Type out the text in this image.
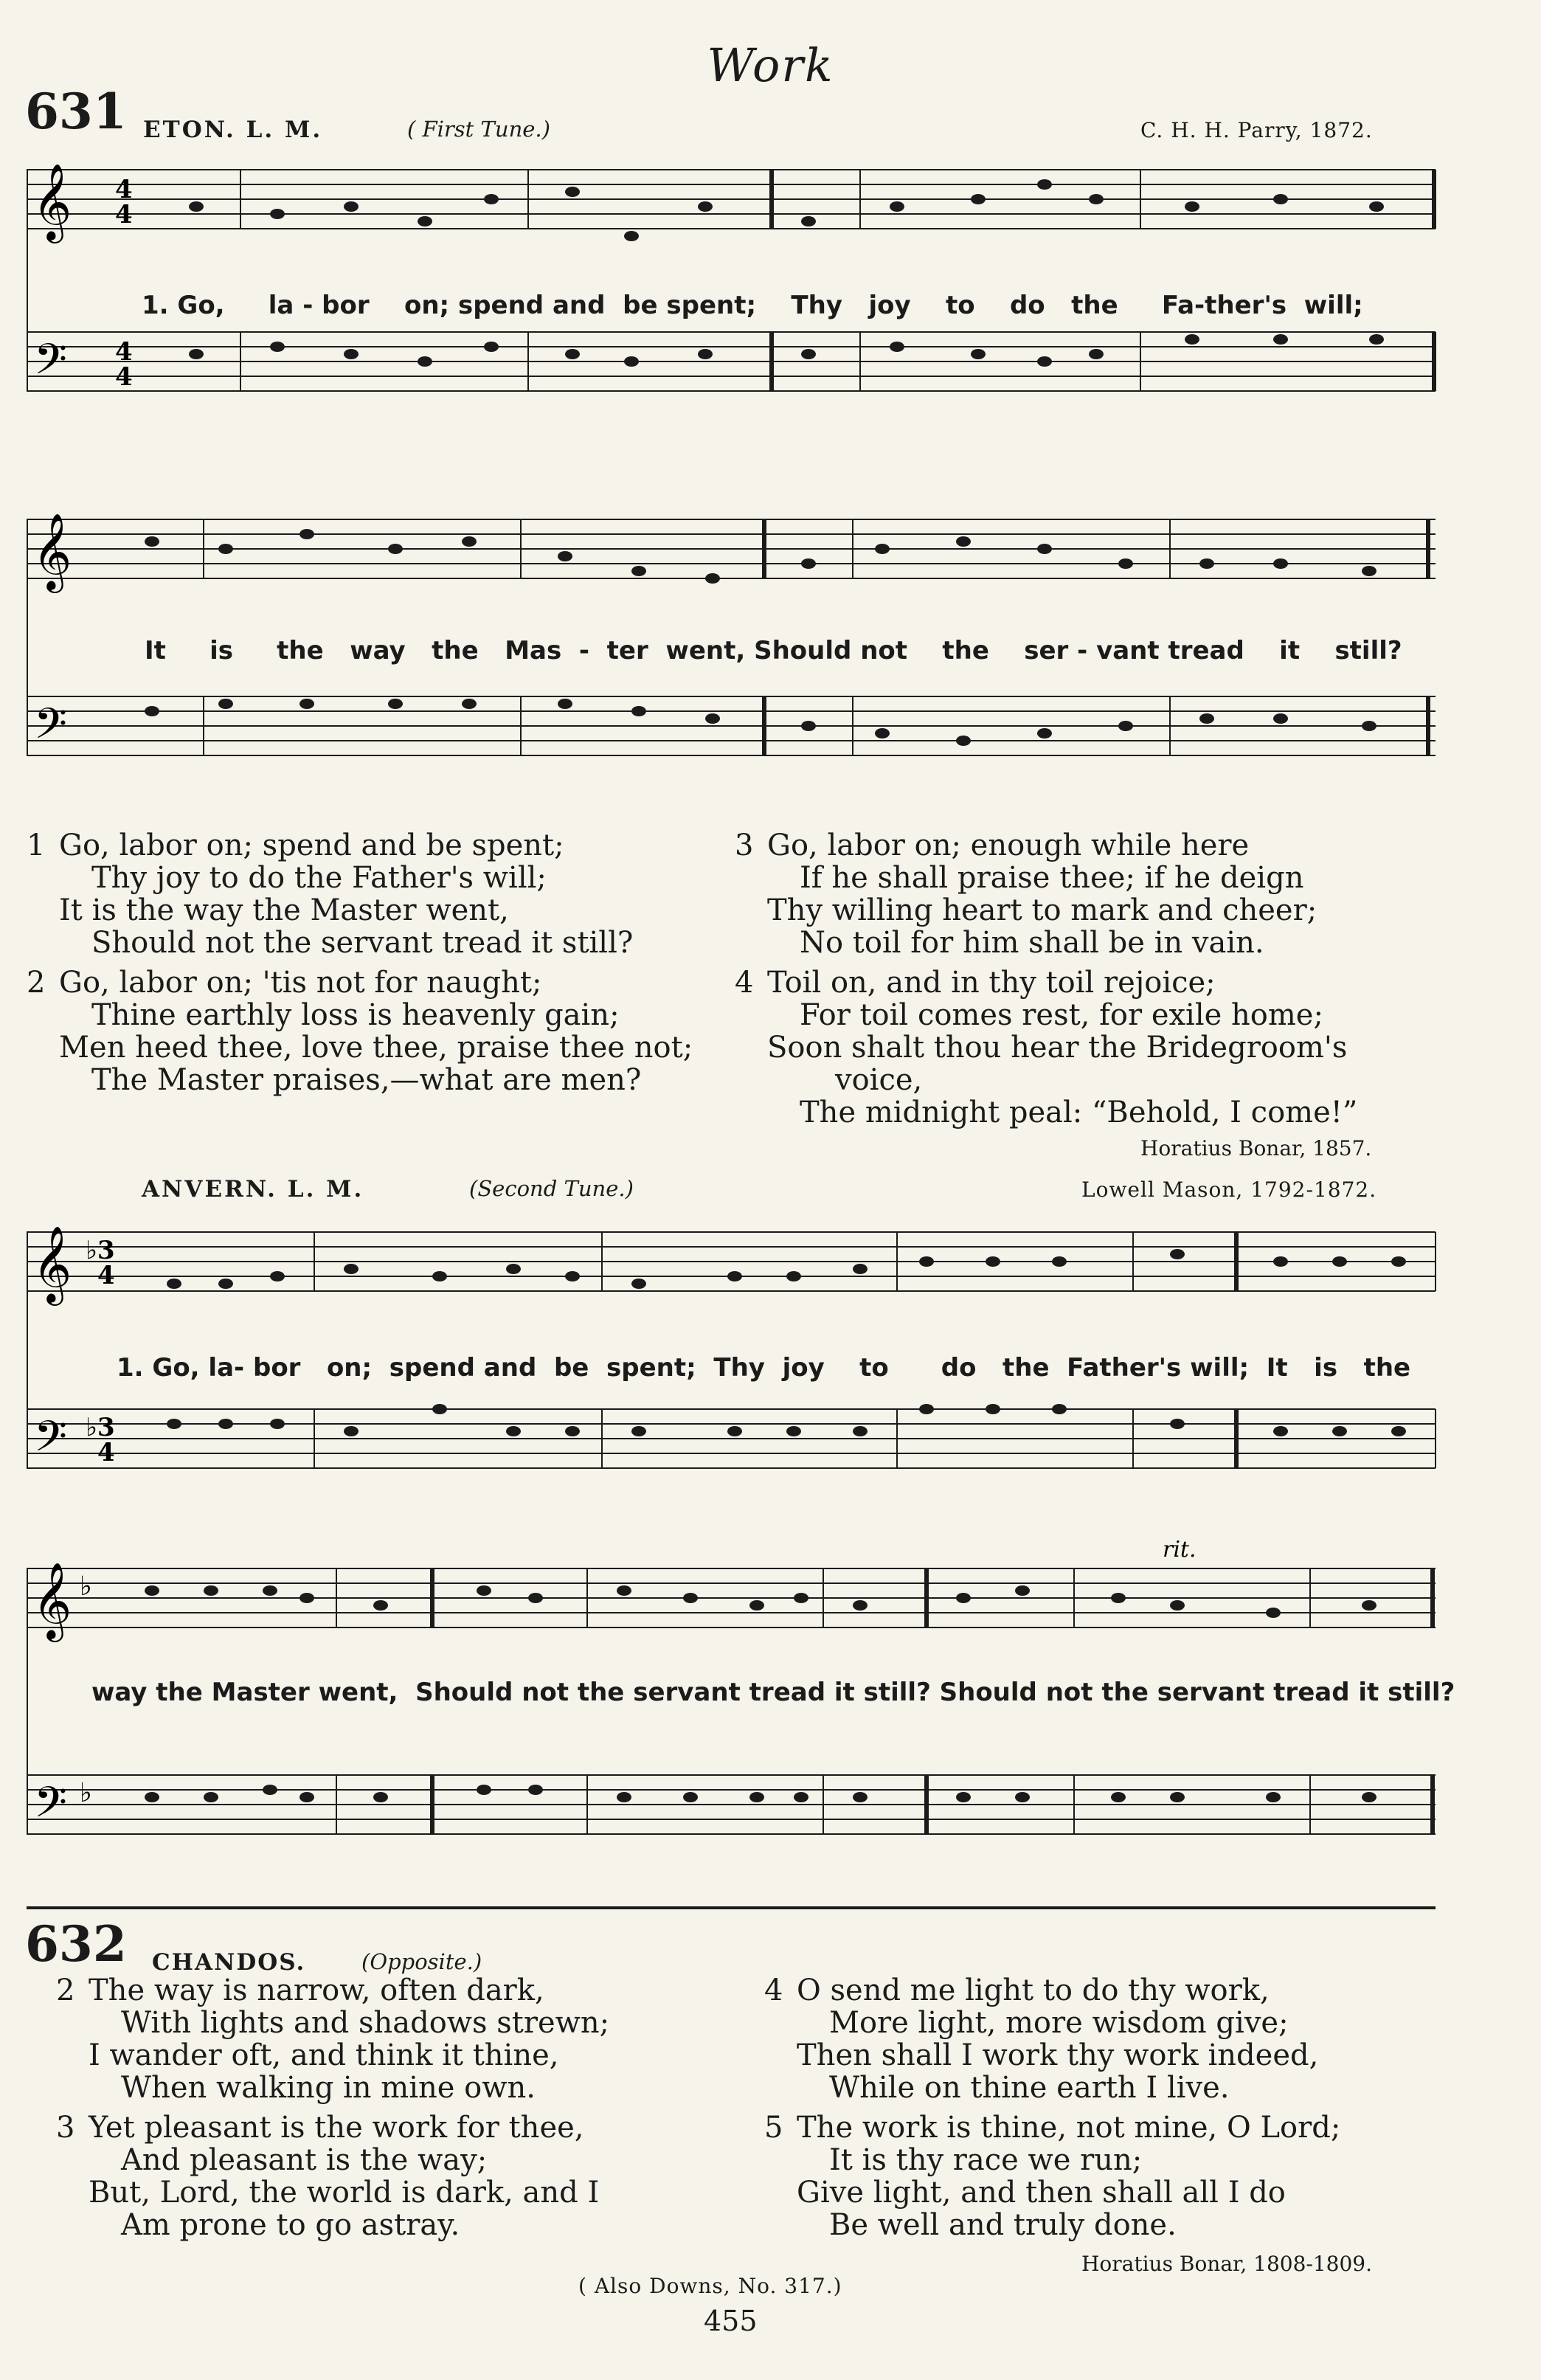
Work
631 ETON. L. M.	( First Tune.)	C. H. H. Parry, 1872.
𝄞
𝄢
4
4
4
4
1. Go,     la - bor    on; spend and  be spent;    Thy   joy    to    do   the     Fa-ther's  will;
𝄞
𝄢
It     is     the   way   the   Mas  -  ter  went, Should not    the    ser - vant tread    it    still?
1 Go, labor on; spend and be spent;
Thy joy to do the Father's will;
It is the way the Master went,
Should not the servant tread it still?
2 Go, labor on; 'tis not for naught;
Thine earthly loss is heavenly gain;
Men heed thee, love thee, praise thee not;
The Master praises,—what are men?
3 Go, labor on; enough while here
If he shall praise thee; if he deign
Thy willing heart to mark and cheer;
No toil for him shall be in vain.
4 Toil on, and in thy toil rejoice;
For toil comes rest, for exile home;
Soon shalt thou hear the Bridegroom's
voice,
The midnight peal: “Behold, I come!”
Horatius Bonar, 1857.
ANVERN. L. M.	(Second Tune.)	Lowell Mason, 1792-1872.
𝄞
𝄢
♭3
4
♭3
4
1. Go, la- bor   on;  spend and  be  spent;  Thy  joy    to      do   the  Father's will;  It   is   the
𝄞
𝄢
♭
♭
rit.
way the Master went,  Should not the servant tread it still? Should not the servant tread it still?
632 CHANDOS.	(Opposite.)
2 The way is narrow, often dark,
With lights and shadows strewn;
I wander oft, and think it thine,
When walking in mine own.
3 Yet pleasant is the work for thee,
And pleasant is the way;
But, Lord, the world is dark, and I
Am prone to go astray.
4 O send me light to do thy work,
More light, more wisdom give;
Then shall I work thy work indeed,
While on thine earth I live.
5 The work is thine, not mine, O Lord;
It is thy race we run;
Give light, and then shall all I do
Be well and truly done.
Horatius Bonar, 1808-1809.
( Also Downs, No. 317.)
455
